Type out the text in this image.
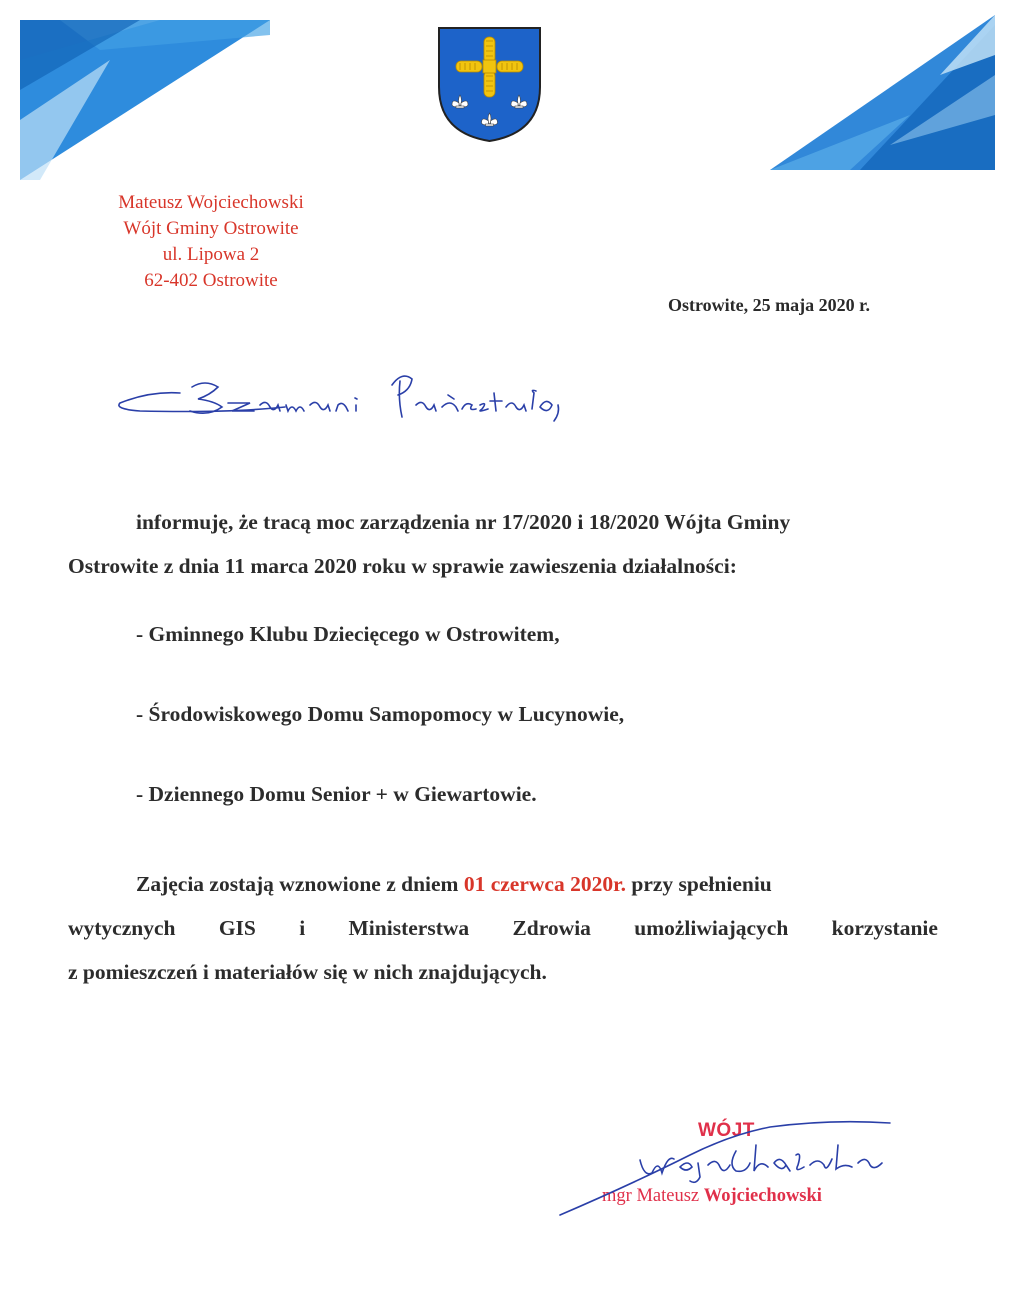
Mateusz Wojciechowski
Wójt Gminy Ostrowite
ul. Lipowa 2
62-402 Ostrowite
Ostrowite, 25 maja 2020 r.
informuję, że tracą moc zarządzenia nr 17/2020 i 18/2020 Wójta Gminy
Ostrowite z dnia 11 marca 2020 roku w sprawie zawieszenia działalności:
- Gminnego Klubu Dziecięcego w Ostrowitem,
- Środowiskowego Domu Samopomocy w Lucynowie,
- Dziennego Domu Senior + w Giewartowie.
Zajęcia zostają wznowione z dniem 01 czerwca 2020r. przy spełnieniu
wytycznych GIS i Ministerstwa Zdrowia umożliwiających korzystanie
z pomieszczeń i materiałów się w nich znajdujących.
WÓJT
mgr Mateusz Wojciechowski
